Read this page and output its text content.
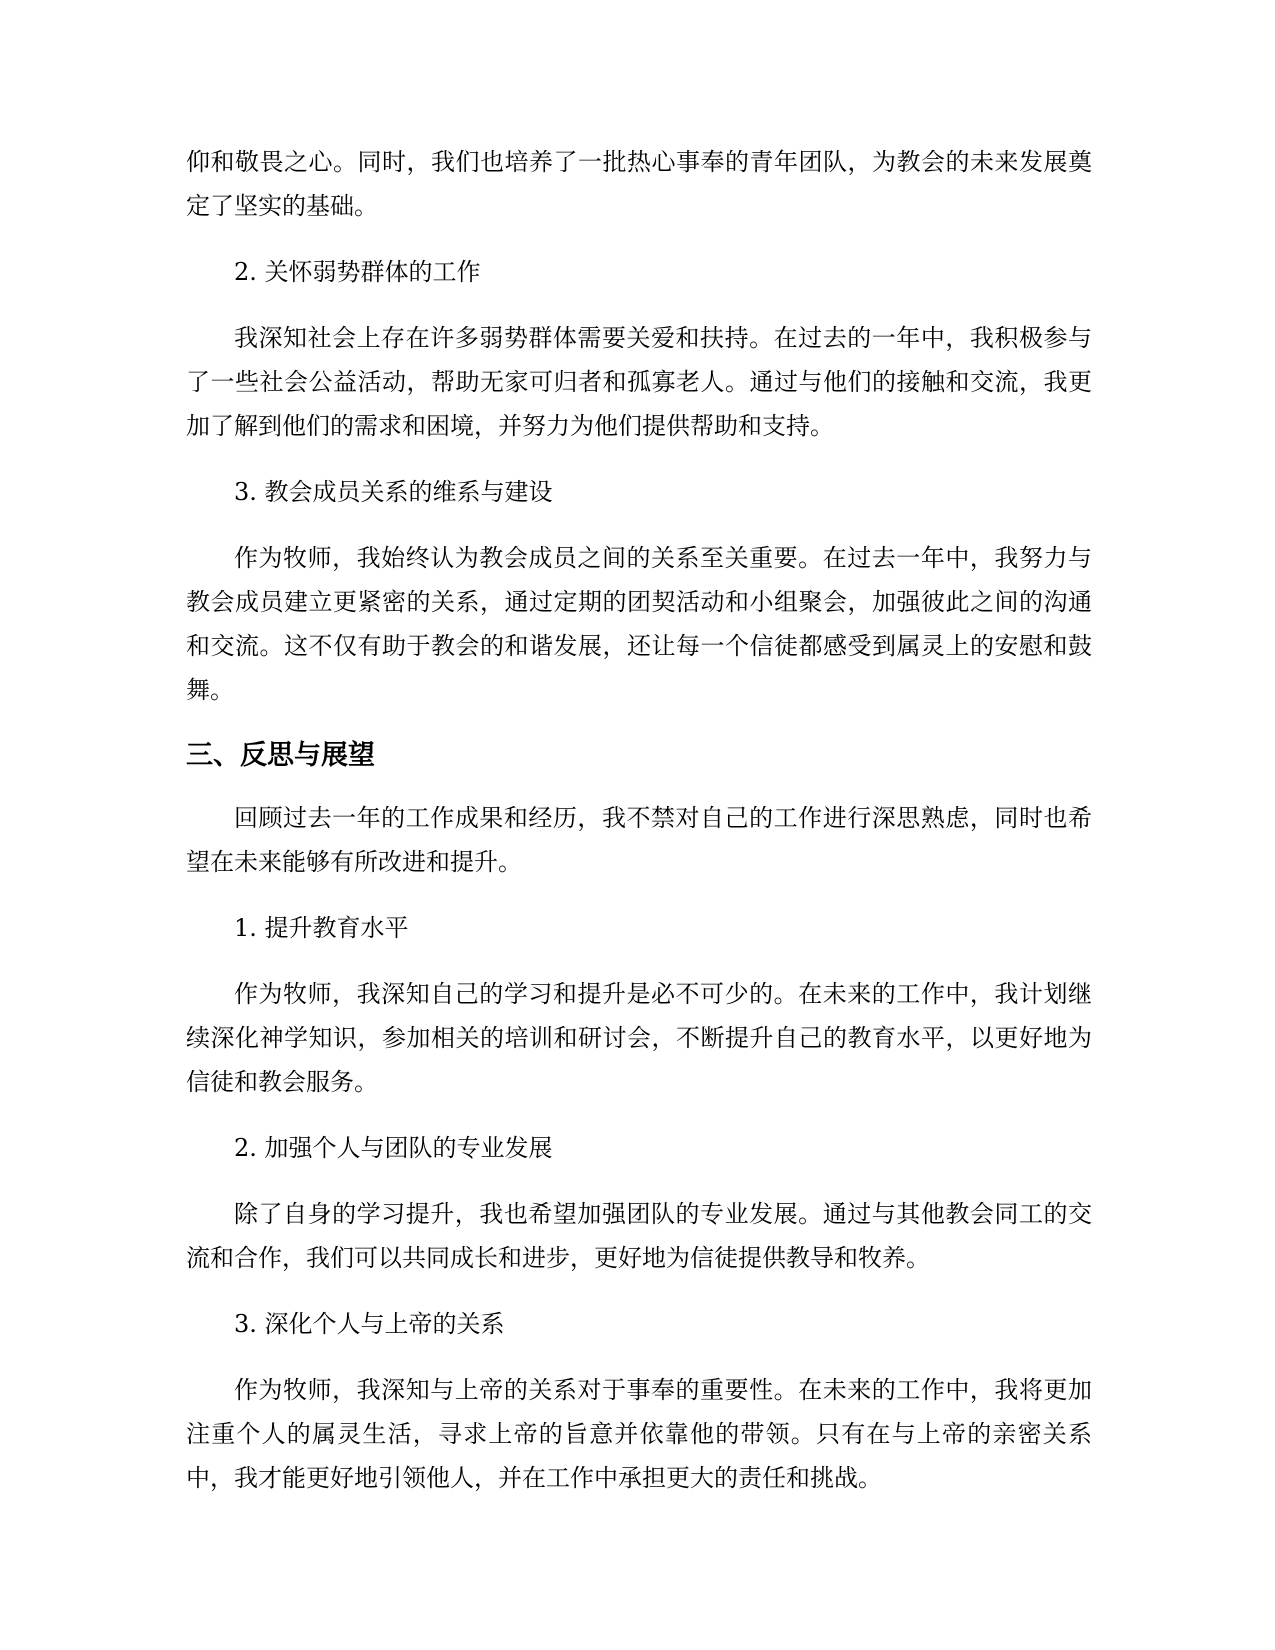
仰和敬畏之心。同时，我们也培养了一批热心事奉的青年团队，为教会的未来发展奠定了坚实的基础。

2. 关怀弱势群体的工作

我深知社会上存在许多弱势群体需要关爱和扶持。在过去的一年中，我积极参与了一些社会公益活动，帮助无家可归者和孤寡老人。通过与他们的接触和交流，我更加了解到他们的需求和困境，并努力为他们提供帮助和支持。

3. 教会成员关系的维系与建设

作为牧师，我始终认为教会成员之间的关系至关重要。在过去一年中，我努力与教会成员建立更紧密的关系，通过定期的团契活动和小组聚会，加强彼此之间的沟通和交流。这不仅有助于教会的和谐发展，还让每一个信徒都感受到属灵上的安慰和鼓舞。

三、反思与展望

回顾过去一年的工作成果和经历，我不禁对自己的工作进行深思熟虑，同时也希望在未来能够有所改进和提升。

1. 提升教育水平

作为牧师，我深知自己的学习和提升是必不可少的。在未来的工作中，我计划继续深化神学知识，参加相关的培训和研讨会，不断提升自己的教育水平，以更好地为信徒和教会服务。

2. 加强个人与团队的专业发展

除了自身的学习提升，我也希望加强团队的专业发展。通过与其他教会同工的交流和合作，我们可以共同成长和进步，更好地为信徒提供教导和牧养。

3. 深化个人与上帝的关系

作为牧师，我深知与上帝的关系对于事奉的重要性。在未来的工作中，我将更加注重个人的属灵生活，寻求上帝的旨意并依靠他的带领。只有在与上帝的亲密关系中，我才能更好地引领他人，并在工作中承担更大的责任和挑战。
